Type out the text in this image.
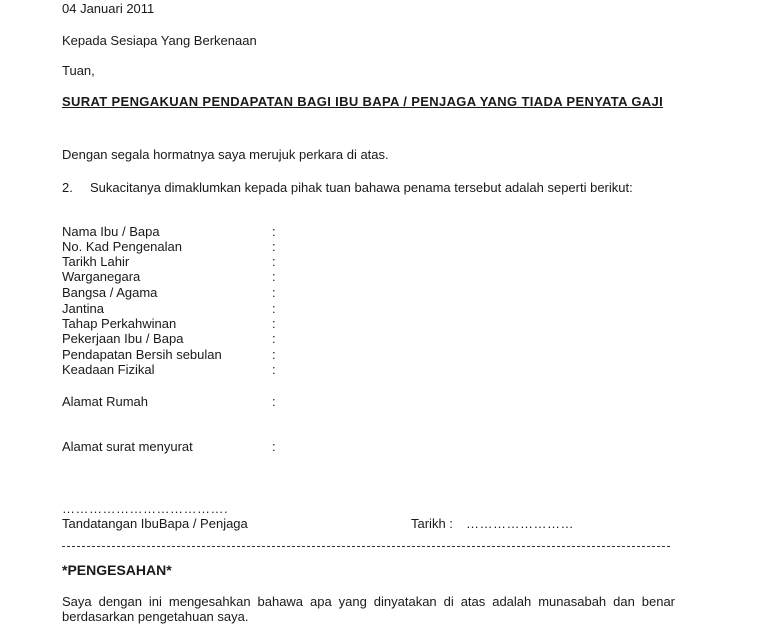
04 Januari 2011
Kepada Sesiapa Yang Berkenaan
Tuan,
SURAT PENGAKUAN PENDAPATAN BAGI IBU BAPA / PENJAGA YANG TIADA PENYATA GAJI
Dengan segala hormatnya saya merujuk perkara di atas.
2. Sukacitanya dimaklumkan kepada pihak tuan bahawa penama tersebut adalah seperti berikut:
Nama Ibu / Bapa	:
No. Kad Pengenalan	:
Tarikh Lahir	:
Warganegara	:
Bangsa / Agama	:
Jantina	:
Tahap Perkahwinan	:
Pekerjaan Ibu / Bapa	:
Pendapatan Bersih sebulan	:
Keadaan Fizikal	:
Alamat Rumah	:
Alamat surat menyurat	:
……………………………….
Tandatangan IbuBapa / Penjaga	Tarikh : ……………………
*PENGESAHAN*
Saya dengan ini mengesahkan bahawa apa yang dinyatakan di atas adalah munasabah dan benar berdasarkan pengetahuan saya.
